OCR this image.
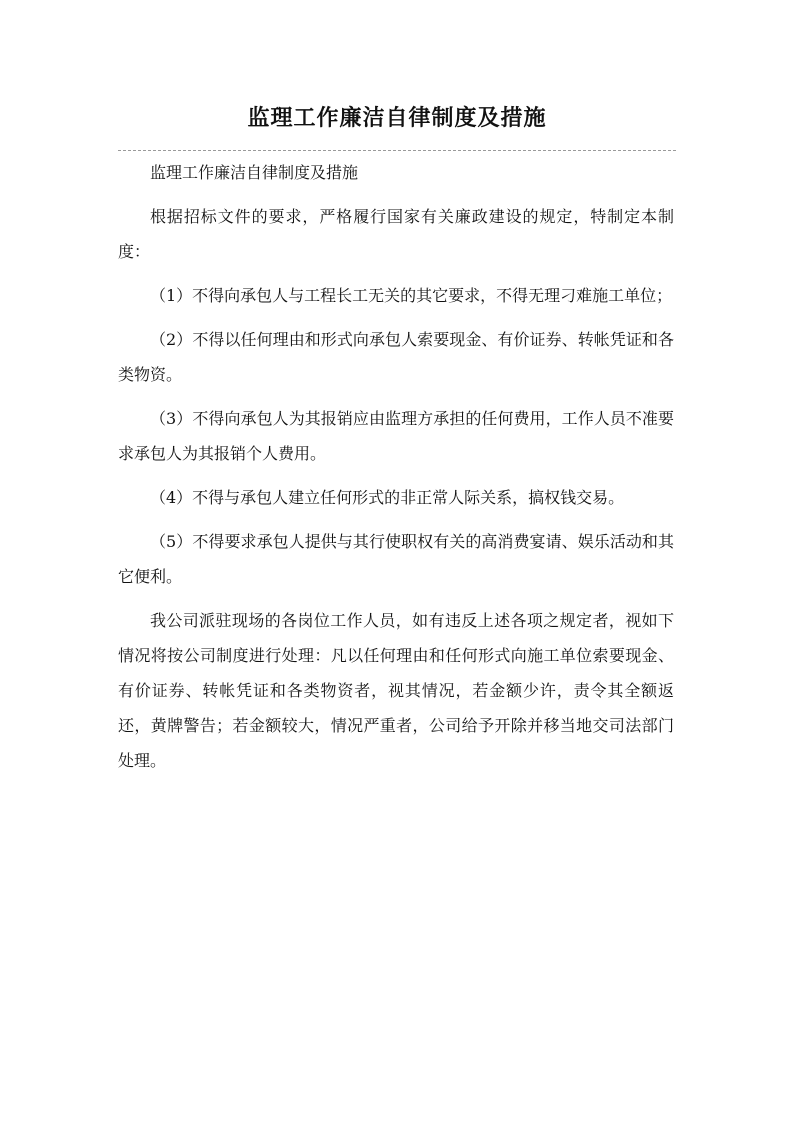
监理工作廉洁自律制度及措施

监理工作廉洁自律制度及措施

根据招标文件的要求，严格履行国家有关廉政建设的规定，特制定本制度：

（1）不得向承包人与工程长工无关的其它要求，不得无理刁难施工单位；

（2）不得以任何理由和形式向承包人索要现金、有价证券、转帐凭证和各类物资。

（3）不得向承包人为其报销应由监理方承担的任何费用，工作人员不准要求承包人为其报销个人费用。

（4）不得与承包人建立任何形式的非正常人际关系，搞权钱交易。

（5）不得要求承包人提供与其行使职权有关的高消费宴请、娱乐活动和其它便利。

我公司派驻现场的各岗位工作人员，如有违反上述各项之规定者，视如下情况将按公司制度进行处理：凡以任何理由和任何形式向施工单位索要现金、有价证券、转帐凭证和各类物资者，视其情况，若金额少许，责令其全额返还，黄牌警告；若金额较大，情况严重者，公司给予开除并移当地交司法部门处理。
